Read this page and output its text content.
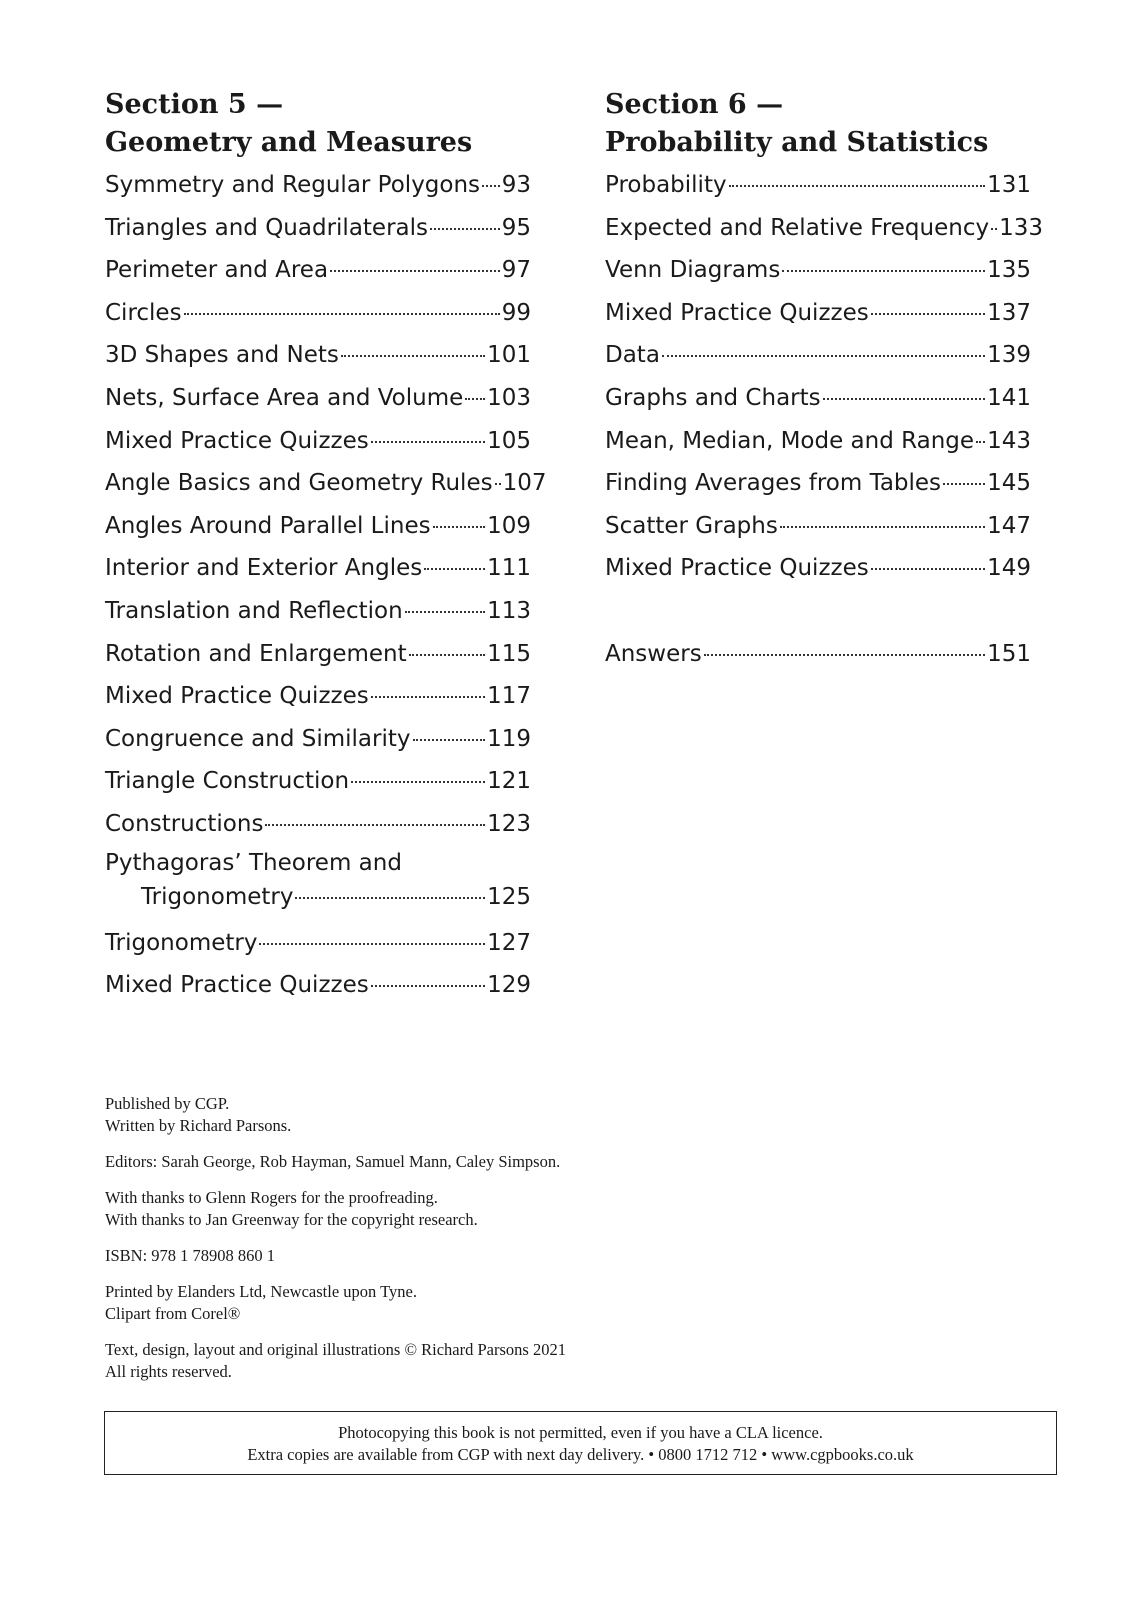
Section 5 —
Geometry and Measures
Symmetry and Regular Polygons 93
Triangles and Quadrilaterals	95
Perimeter and Area	97
Circles	99
3D Shapes and Nets	101
Nets, Surface Area and Volume 103
Mixed Practice Quizzes	105
Angle Basics and Geometry Rules 107
Angles Around Parallel Lines 109
Interior and Exterior Angles	111
Translation and Reflection	113
Rotation and Enlargement	115
Mixed Practice Quizzes	117
Congruence and Similarity	119
Triangle Construction	121
Constructions	123
Pythagoras’ Theorem and
Trigonometry	125
Trigonometry	127
Mixed Practice Quizzes	129
Section 6 —
Probability and Statistics
Probability	131
Expected and Relative Frequency 133
Venn Diagrams	135
Mixed Practice Quizzes	137
Data	139
Graphs and Charts	141
Mean, Median, Mode and Range 143
Finding Averages from Tables 145
Scatter Graphs	147
Mixed Practice Quizzes	149
Answers	151

Published by CGP.
Written by Richard Parsons.

Editors: Sarah George, Rob Hayman, Samuel Mann, Caley Simpson.

With thanks to Glenn Rogers for the proofreading.
With thanks to Jan Greenway for the copyright research.

ISBN: 978 1 78908 860 1

Printed by Elanders Ltd, Newcastle upon Tyne.
Clipart from Corel®

Text, design, layout and original illustrations © Richard Parsons 2021
All rights reserved.

Photocopying this book is not permitted, even if you have a CLA licence.
Extra copies are available from CGP with next day delivery. • 0800 1712 712 • www.cgpbooks.co.uk
